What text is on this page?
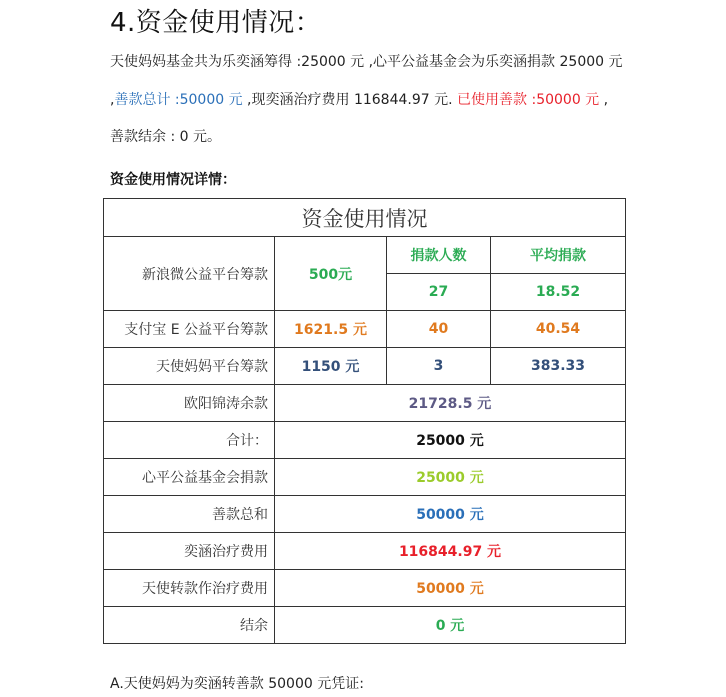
4.资金使用情况：
天使妈妈基金共为乐奕涵筹得 :25000 元 ,心平公益基金会为乐奕涵捐款 25000 元 ,善款总计 :50000 元 ,现奕涵治疗费用 116844.97 元. 已使用善款 :50000 元 , 善款结余 : 0 元。
资金使用情况详情：
资金使用情况			
新浪微公益平台筹款	500元	捐款人数	平均捐款
		27	18.52
支付宝 E 公益平台筹款	1621.5 元	40	40.54
天使妈妈平台筹款	1150 元	3	383.33
欧阳锦涛余款	21728.5 元		
合计：	25000 元		
心平公益基金会捐款	25000 元		
善款总和	50000 元		
奕涵治疗费用	116844.97 元		
天使转款作治疗费用	50000 元		
结余	0 元		
A.天使妈妈为奕涵转善款 50000 元凭证:
